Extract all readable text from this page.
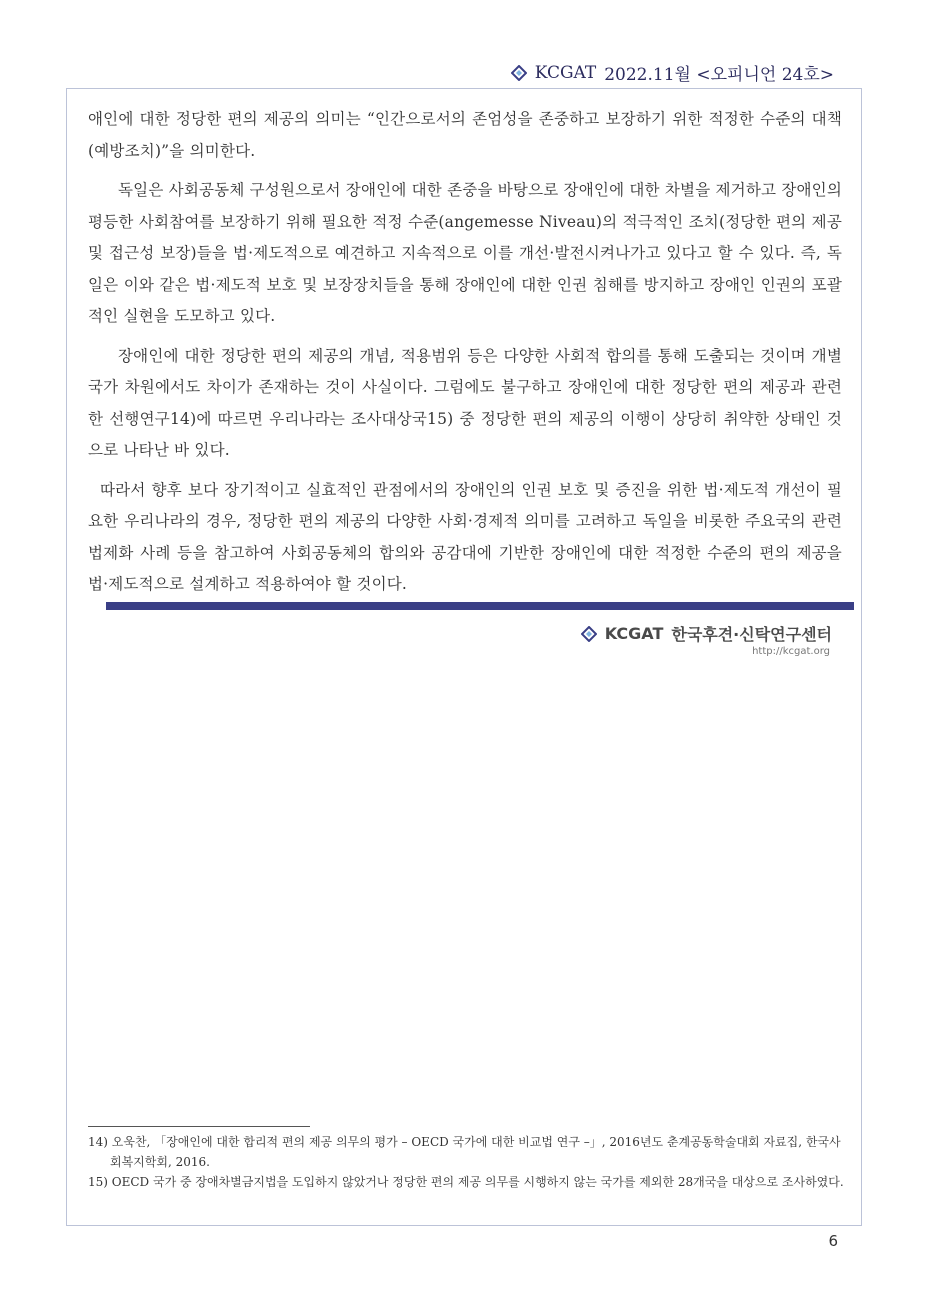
KCGAT 2022.11월 <오피니언 24호>

애인에 대한 정당한 편의 제공의 의미는 “인간으로서의 존엄성을 존중하고 보장하기 위한 적정한 수준의 대책(예방조치)”을 의미한다.

독일은 사회공동체 구성원으로서 장애인에 대한 존중을 바탕으로 장애인에 대한 차별을 제거하고 장애인의 평등한 사회참여를 보장하기 위해 필요한 적정 수준(angemesse Niveau)의 적극적인 조치(정당한 편의 제공 및 접근성 보장)들을 법·제도적으로 예견하고 지속적으로 이를 개선·발전시켜나가고 있다고 할 수 있다. 즉, 독일은 이와 같은 법·제도적 보호 및 보장장치들을 통해 장애인에 대한 인권 침해를 방지하고 장애인 인권의 포괄적인 실현을 도모하고 있다.

장애인에 대한 정당한 편의 제공의 개념, 적용범위 등은 다양한 사회적 합의를 통해 도출되는 것이며 개별 국가 차원에서도 차이가 존재하는 것이 사실이다. 그럼에도 불구하고 장애인에 대한 정당한 편의 제공과 관련한 선행연구14)에 따르면 우리나라는 조사대상국15) 중 정당한 편의 제공의 이행이 상당히 취약한 상태인 것으로 나타난 바 있다.

따라서 향후 보다 장기적이고 실효적인 관점에서의 장애인의 인권 보호 및 증진을 위한 법·제도적 개선이 필요한 우리나라의 경우, 정당한 편의 제공의 다양한 사회·경제적 의미를 고려하고 독일을 비롯한 주요국의 관련 법제화 사례 등을 참고하여 사회공동체의 합의와 공감대에 기반한 장애인에 대한 적정한 수준의 편의 제공을 법·제도적으로 설계하고 적용하여야 할 것이다.

KCGAT 한국후견·신탁연구센터
http://kcgat.org

14) 오욱찬, 「장애인에 대한 합리적 편의 제공 의무의 평가 – OECD 국가에 대한 비교법 연구 –」, 2016년도 춘계공동학술대회 자료집, 한국사회복지학회, 2016.

15) OECD 국가 중 장애차별금지법을 도입하지 않았거나 정당한 편의 제공 의무를 시행하지 않는 국가를 제외한 28개국을 대상으로 조사하였다.

6
